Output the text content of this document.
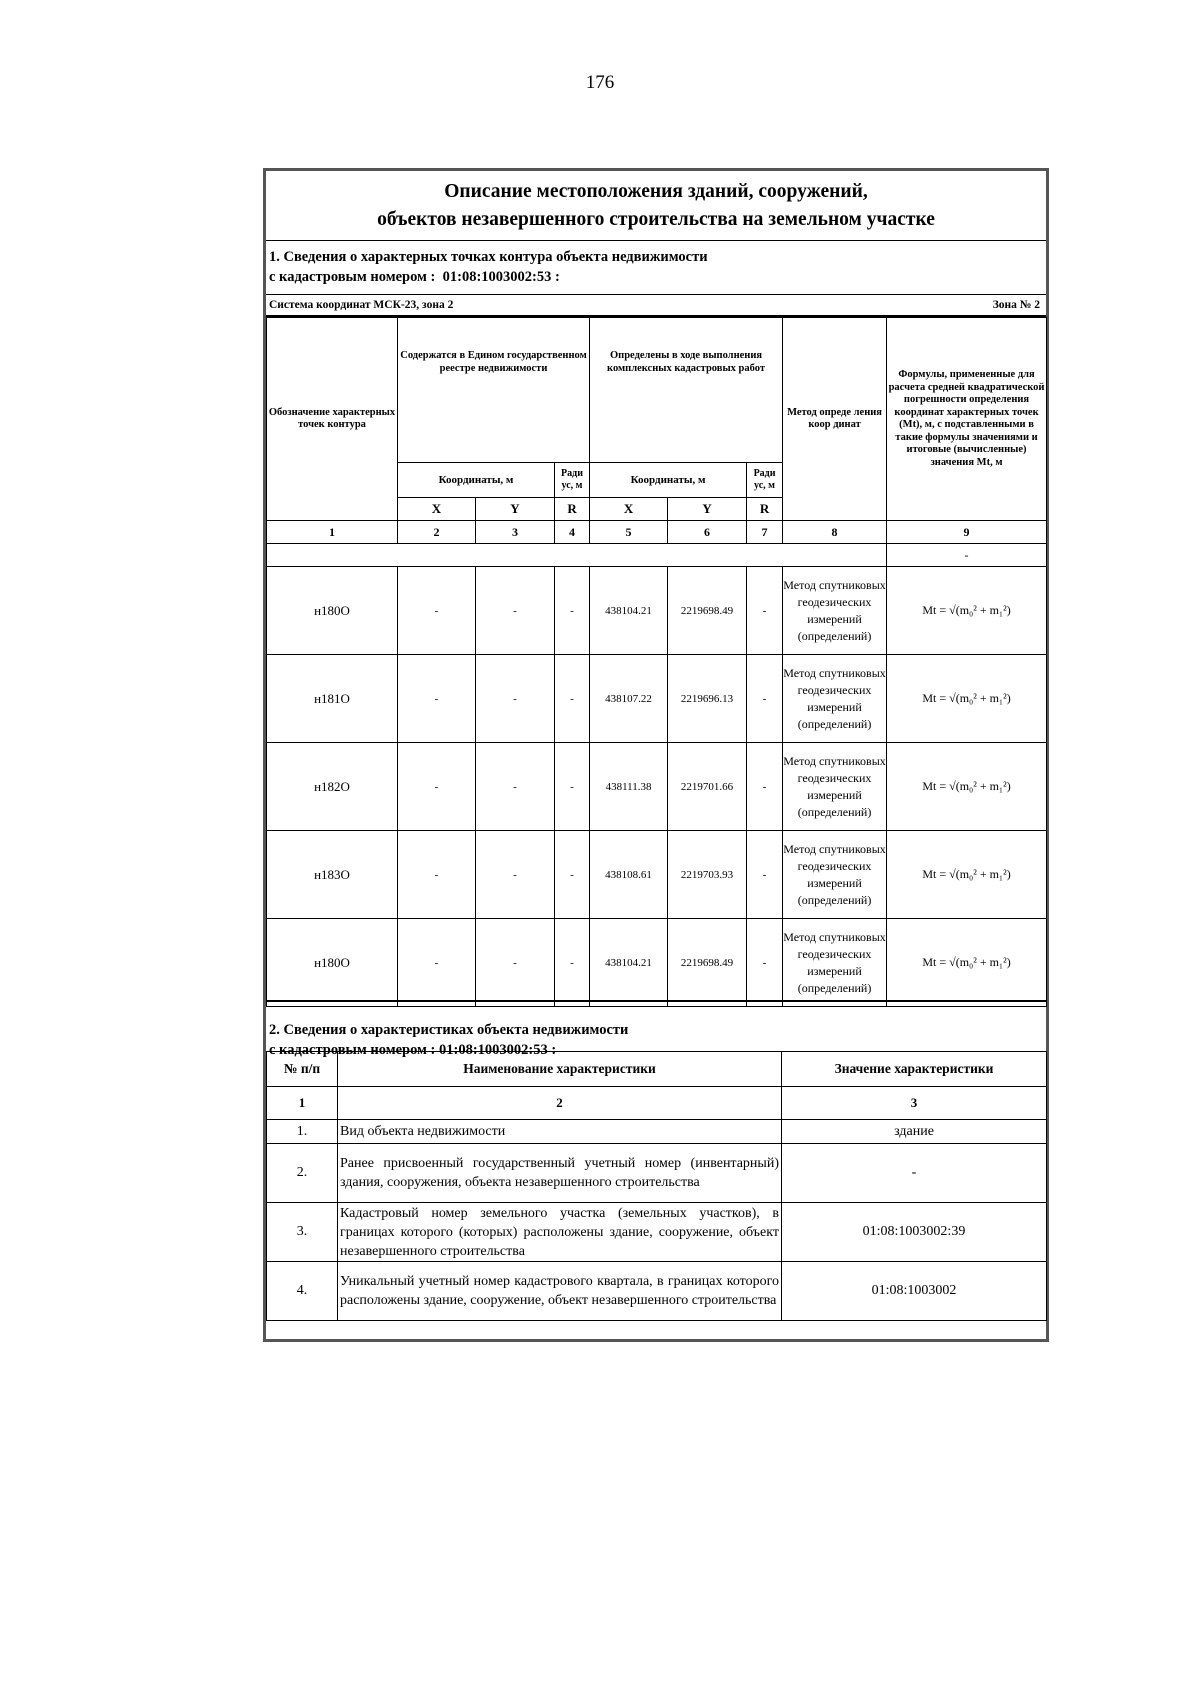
176
Описание местоположения зданий, сооружений,
объектов незавершенного строительства на земельном участке
1. Сведения о характерных точках контура объекта недвижимости
с кадастровым номером :  01:08:1003002:53 :
Система координат МСК-23, зона 2	Зона № 2
Обозначение характерных точек контура	Содержатся в Едином государственном реестре недвижимости			Определены в ходе выполнения комплексных кадастровых работ			Метод опреде ления коор динат	Формулы, примененные для расчета средней квадратической погрешности определения координат характерных точек (Mt), м, с подставленными в такие формулы значениями и итоговые (вычисленные) значения Mt, м
	Координаты, м		Ради ус, м	Координаты, м		Ради ус, м		
	X	Y	R	X	Y	R		
1	2	3	4	5	6	7	8	9
								-
н180О	-	-	-	438104.21	2219698.49	-	Метод спутниковых геодезических измерений (определений)	Mt = √(m₀² + m₁²)
н181О	-	-	-	438107.22	2219696.13	-	Метод спутниковых геодезических измерений (определений)	Mt = √(m₀² + m₁²)
н182О	-	-	-	438111.38	2219701.66	-	Метод спутниковых геодезических измерений (определений)	Mt = √(m₀² + m₁²)
н183О	-	-	-	438108.61	2219703.93	-	Метод спутниковых геодезических измерений (определений)	Mt = √(m₀² + m₁²)
н180О	-	-	-	438104.21	2219698.49	-	Метод спутниковых геодезических измерений (определений)	Mt = √(m₀² + m₁²)
2. Сведения о характеристиках объекта недвижимости
с кадастровым номером : 01:08:1003002:53 :
№ п/п	Наименование характеристики	Значение характеристики
1	2	3
1.	Вид объекта недвижимости	здание
2.	Ранее присвоенный государственный учетный номер (инвентарный) здания, сооружения, объекта незавершенного строительства	-
3.	Кадастровый номер земельного участка (земельных участков), в границах которого (которых) расположены здание, сооружение, объект незавершенного строительства	01:08:1003002:39
4.	Уникальный учетный номер кадастрового квартала, в границах которого расположены здание, сооружение, объект незавершенного строительства	01:08:1003002
